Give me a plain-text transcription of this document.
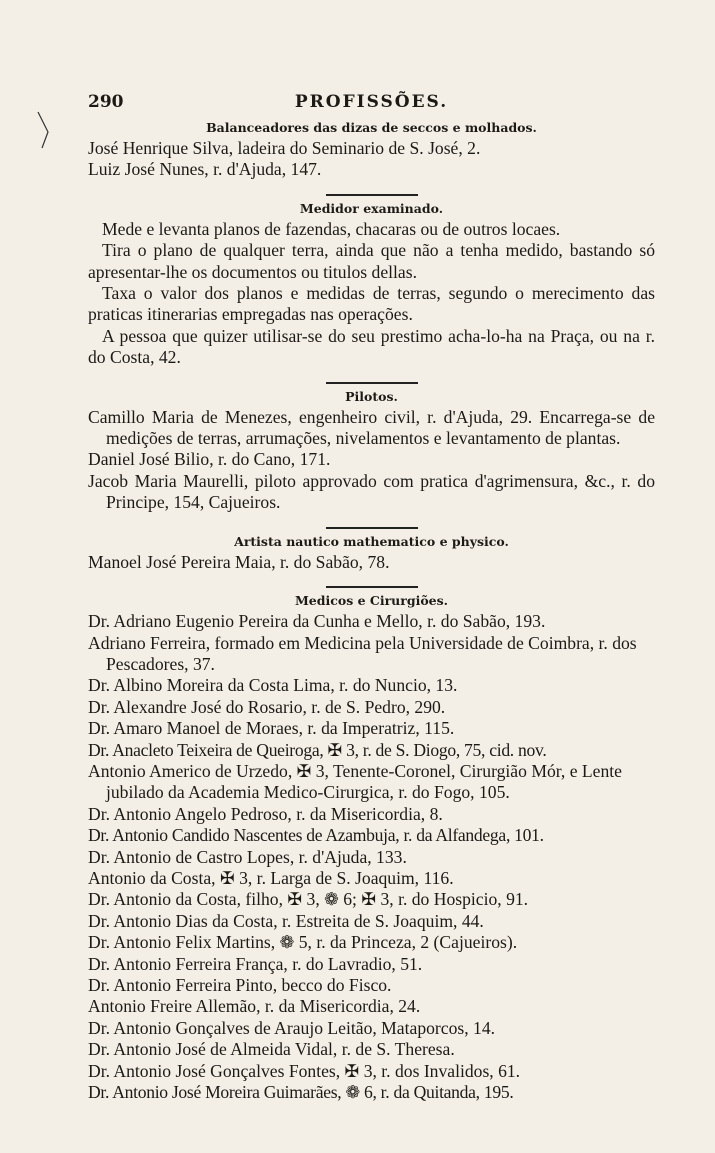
290	PROFISSÕES.
Balanceadores das dizas de seccos e molhados.
José Henrique Silva, ladeira do Seminario de S. José, 2.
Luiz José Nunes, r. d'Ajuda, 147.
Medidor examinado.
Mede e levanta planos de fazendas, chacaras ou de outros locaes.
Tira o plano de qualquer terra, ainda que não a tenha medido, bastando só apresentar-lhe os documentos ou titulos dellas.
Taxa o valor dos planos e medidas de terras, segundo o merecimento das praticas itinerarias empregadas nas operações.
A pessoa que quizer utilisar-se do seu prestimo acha-lo-ha na Praça, ou na r. do Costa, 42.
Pilotos.
Camillo Maria de Menezes, engenheiro civil, r. d'Ajuda, 29. Encarrega-se de medições de terras, arrumações, nivelamentos e levantamento de plantas.
Daniel José Bilio, r. do Cano, 171.
Jacob Maria Maurelli, piloto approvado com pratica d'agrimensura, &c., r. do Principe, 154, Cajueiros.
Artista nautico mathematico e physico.
Manoel José Pereira Maia, r. do Sabão, 78.
Medicos e Cirurgiões.
Dr. Adriano Eugenio Pereira da Cunha e Mello, r. do Sabão, 193.
Adriano Ferreira, formado em Medicina pela Universidade de Coimbra, r. dos Pescadores, 37.
Dr. Albino Moreira da Costa Lima, r. do Nuncio, 13.
Dr. Alexandre José do Rosario, r. de S. Pedro, 290.
Dr. Amaro Manoel de Moraes, r. da Imperatriz, 115.
Dr. Anacleto Teixeira de Queiroga, ✠ 3, r. de S. Diogo, 75, cid. nov.
Antonio Americo de Urzedo, ✠ 3, Tenente-Coronel, Cirurgião Mór, e Lente jubilado da Academia Medico-Cirurgica, r. do Fogo, 105.
Dr. Antonio Angelo Pedroso, r. da Misericordia, 8.
Dr. Antonio Candido Nascentes de Azambuja, r. da Alfandega, 101.
Dr. Antonio de Castro Lopes, r. d'Ajuda, 133.
Antonio da Costa, ✠ 3, r. Larga de S. Joaquim, 116.
Dr. Antonio da Costa, filho, ✠ 3, ❁ 6; ✠ 3, r. do Hospicio, 91.
Dr. Antonio Dias da Costa, r. Estreita de S. Joaquim, 44.
Dr. Antonio Felix Martins, ❁ 5, r. da Princeza, 2 (Cajueiros).
Dr. Antonio Ferreira França, r. do Lavradio, 51.
Dr. Antonio Ferreira Pinto, becco do Fisco.
Antonio Freire Allemão, r. da Misericordia, 24.
Dr. Antonio Gonçalves de Araujo Leitão, Mataporcos, 14.
Dr. Antonio José de Almeida Vidal, r. de S. Theresa.
Dr. Antonio José Gonçalves Fontes, ✠ 3, r. dos Invalidos, 61.
Dr. Antonio José Moreira Guimarães, ❁ 6, r. da Quitanda, 195.
